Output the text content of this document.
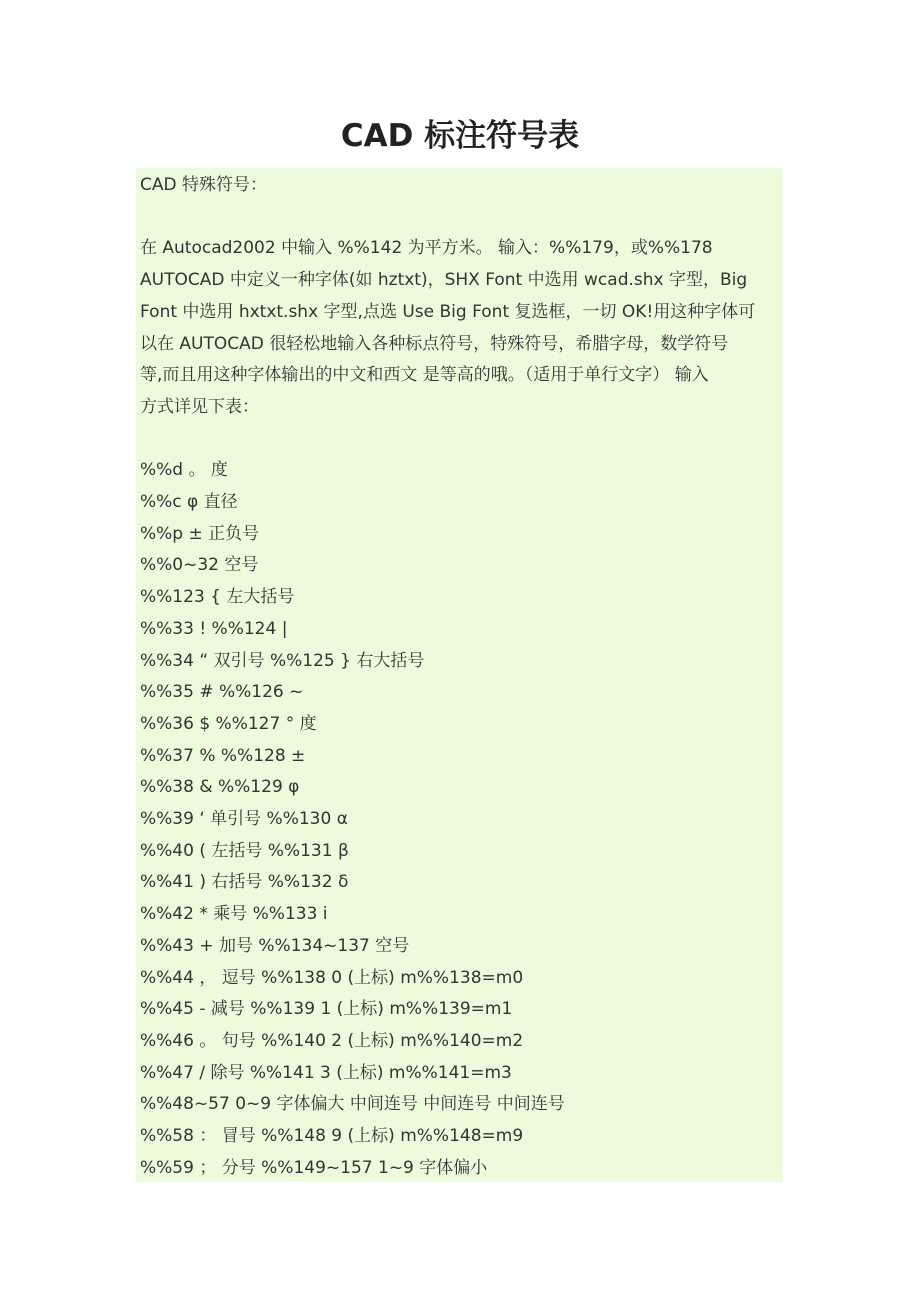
CAD 标注符号表
CAD 特殊符号：
在 Autocad2002 中输入 %%142 为平方米。 输入：%%179，或%%178
AUTOCAD 中定义一种字体(如 hztxt)，SHX Font 中选用 wcad.shx 字型，Big
Font 中选用 hxtxt.shx 字型,点选 Use Big Font 复选框，一切 OK!用这种字体可
以在 AUTOCAD 很轻松地输入各种标点符号，特殊符号，希腊字母，数学符号
等,而且用这种字体输出的中文和西文 是等高的哦。（适用于单行文字） 输入
方式详见下表：
%%d 。 度
%%c φ 直径
%%p ± 正负号
%%0~32 空号
%%123 { 左大括号
%%33 ! %%124 |
%%34 “ 双引号 %%125 } 右大括号
%%35 # %%126 ~
%%36 $ %%127 ° 度
%%37 % %%128 ±
%%38 & %%129 φ
%%39 ‘ 单引号 %%130 α
%%40 ( 左括号 %%131 β
%%41 ) 右括号 %%132 δ
%%42 * 乘号 %%133 i
%%43 + 加号 %%134~137 空号
%%44 ， 逗号 %%138 0 (上标) m%%138=m0
%%45 - 减号 %%139 1 (上标) m%%139=m1
%%46 。 句号 %%140 2 (上标) m%%140=m2
%%47 / 除号 %%141 3 (上标) m%%141=m3
%%48~57 0~9 字体偏大 中间连号 中间连号 中间连号
%%58 ： 冒号 %%148 9 (上标) m%%148=m9
%%59 ； 分号 %%149~157 1~9 字体偏小
